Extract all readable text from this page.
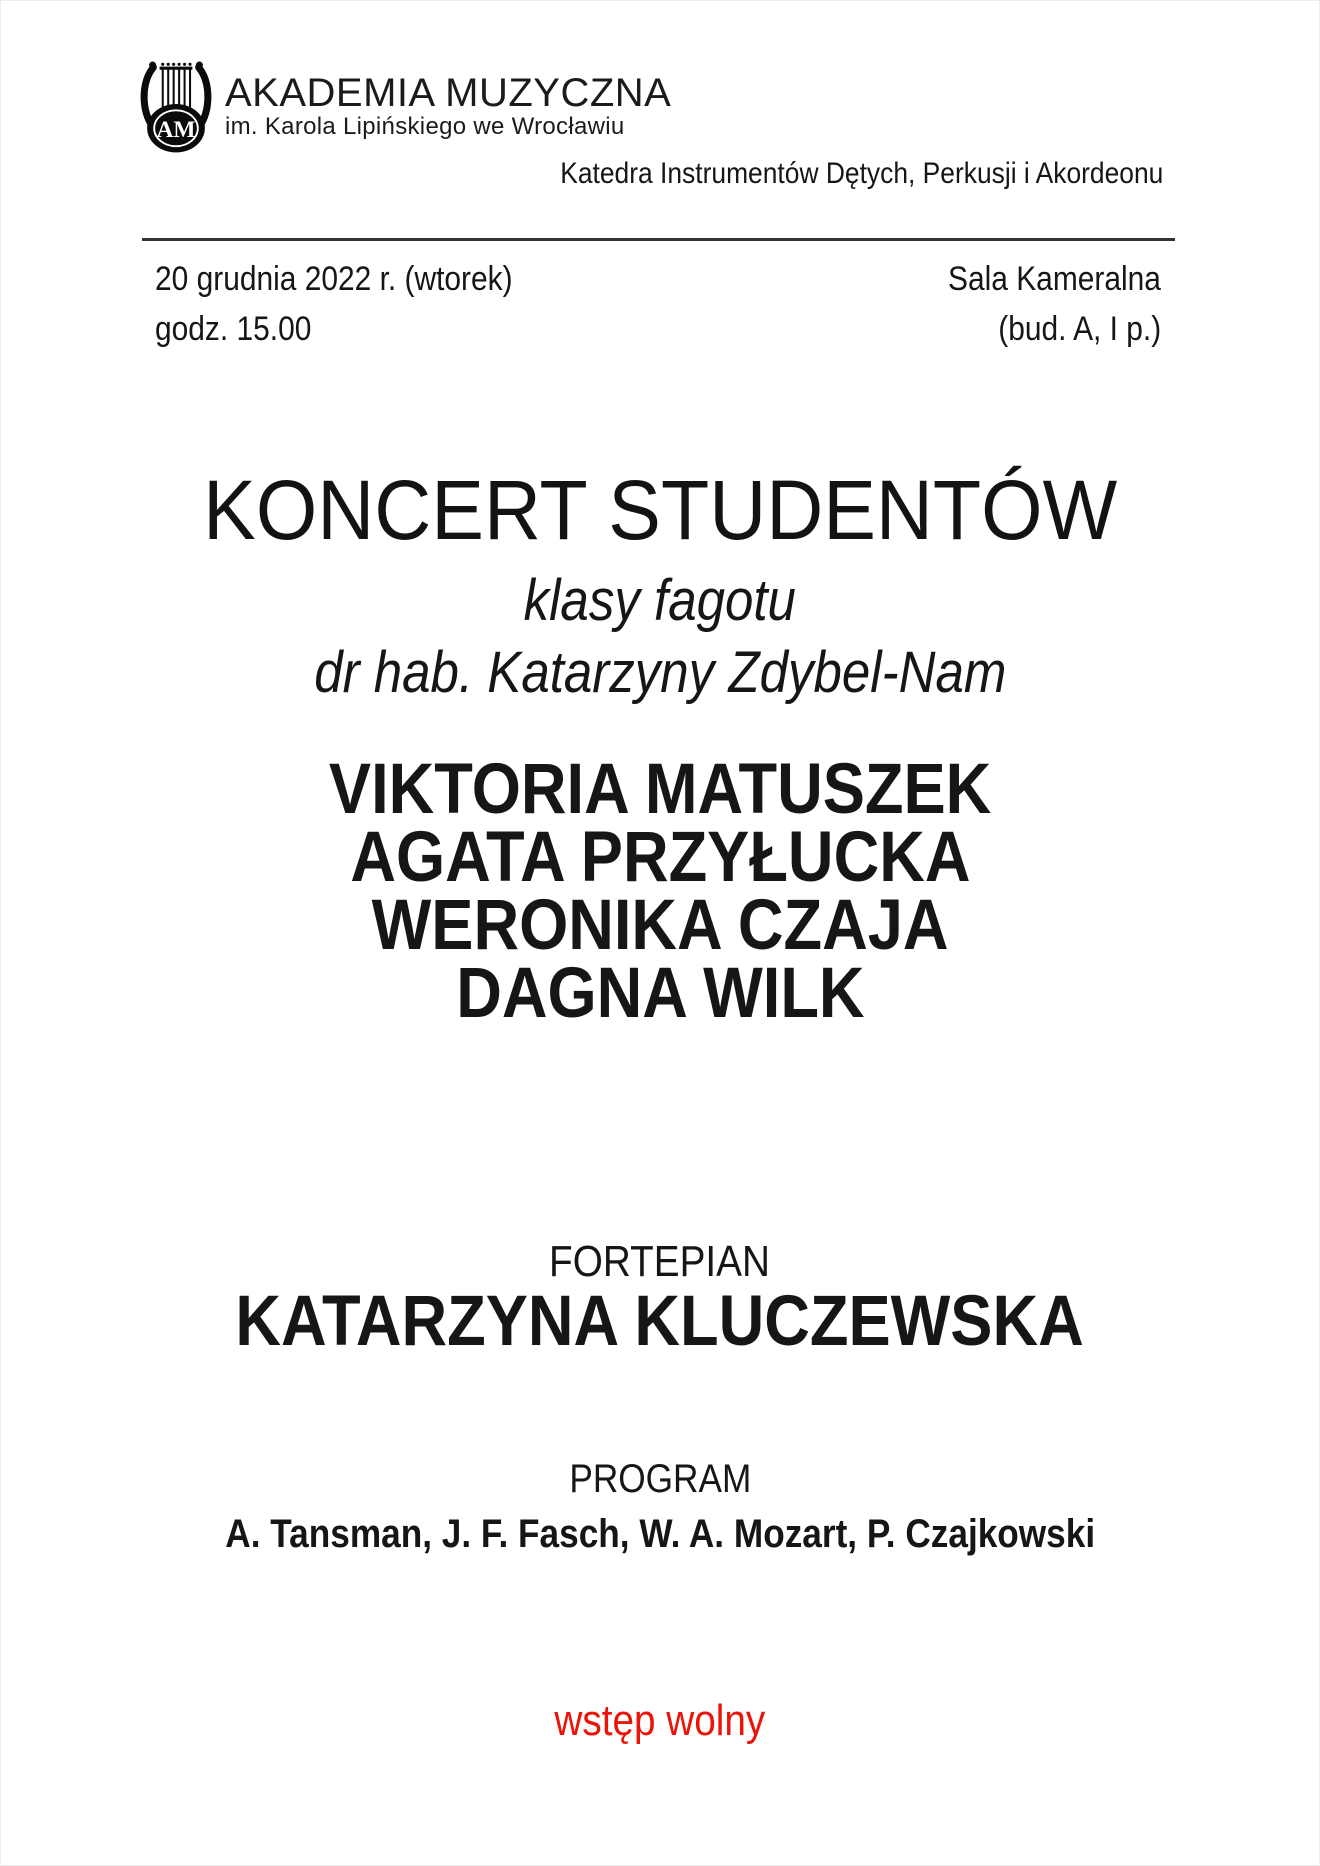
AM
AKADEMIA MUZYCZNA
im. Karola Lipińskiego we Wrocławiu
Katedra Instrumentów Dętych, Perkusji i Akordeonu
20 grudnia 2022 r. (wtorek)	Sala Kameralna
godz. 15.00	(bud. A, I p.)
KONCERT STUDENTÓW
klasy fagotu
dr hab. Katarzyny Zdybel-Nam
VIKTORIA MATUSZEK
AGATA PRZYŁUCKA
WERONIKA CZAJA
DAGNA WILK
FORTEPIAN
KATARZYNA KLUCZEWSKA
PROGRAM
A. Tansman, J. F. Fasch, W. A. Mozart, P. Czajkowski
wstęp wolny
